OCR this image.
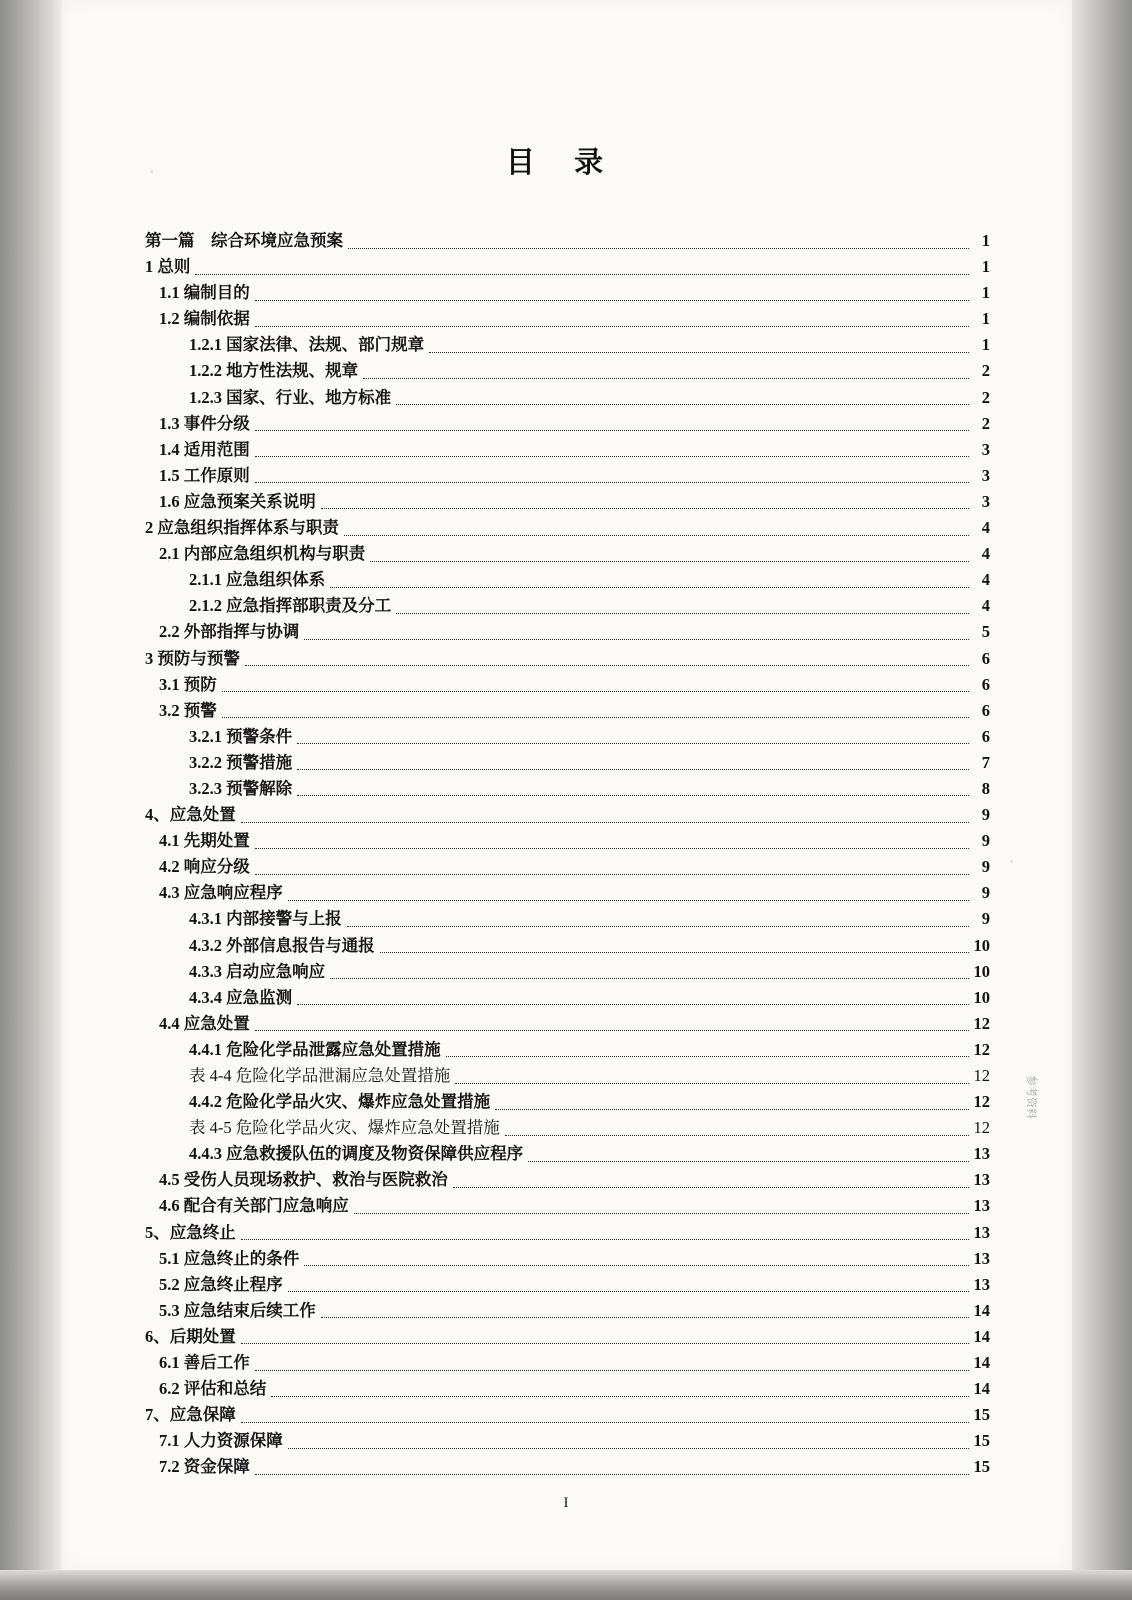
目 录
第一篇　综合环境应急预案	1
1 总则	1
1.1 编制目的	1
1.2 编制依据	1
1.2.1 国家法律、法规、部门规章	1
1.2.2 地方性法规、规章	2
1.2.3 国家、行业、地方标准	2
1.3 事件分级	2
1.4 适用范围	3
1.5 工作原则	3
1.6 应急预案关系说明	3
2 应急组织指挥体系与职责	4
2.1 内部应急组织机构与职责	4
2.1.1 应急组织体系	4
2.1.2 应急指挥部职责及分工	4
2.2 外部指挥与协调	5
3 预防与预警	6
3.1 预防	6
3.2 预警	6
3.2.1 预警条件	6
3.2.2 预警措施	7
3.2.3 预警解除	8
4、应急处置	9
4.1 先期处置	9
4.2 响应分级	9
4.3 应急响应程序	9
4.3.1 内部接警与上报	9
4.3.2 外部信息报告与通报	10
4.3.3 启动应急响应	10
4.3.4 应急监测	10
4.4 应急处置	12
4.4.1 危险化学品泄露应急处置措施	12
表 4-4 危险化学品泄漏应急处置措施	12
4.4.2 危险化学品火灾、爆炸应急处置措施	12
表 4-5 危险化学品火灾、爆炸应急处置措施	12
4.4.3 应急救援队伍的调度及物资保障供应程序	13
4.5 受伤人员现场救护、救治与医院救治	13
4.6 配合有关部门应急响应	13
5、应急终止	13
5.1 应急终止的条件	13
5.2 应急终止程序	13
5.3 应急结束后续工作	14
6、后期处置	14
6.1 善后工作	14
6.2 评估和总结	14
7、应急保障	15
7.1 人力资源保障	15
7.2 资金保障	15
参考资料
I
